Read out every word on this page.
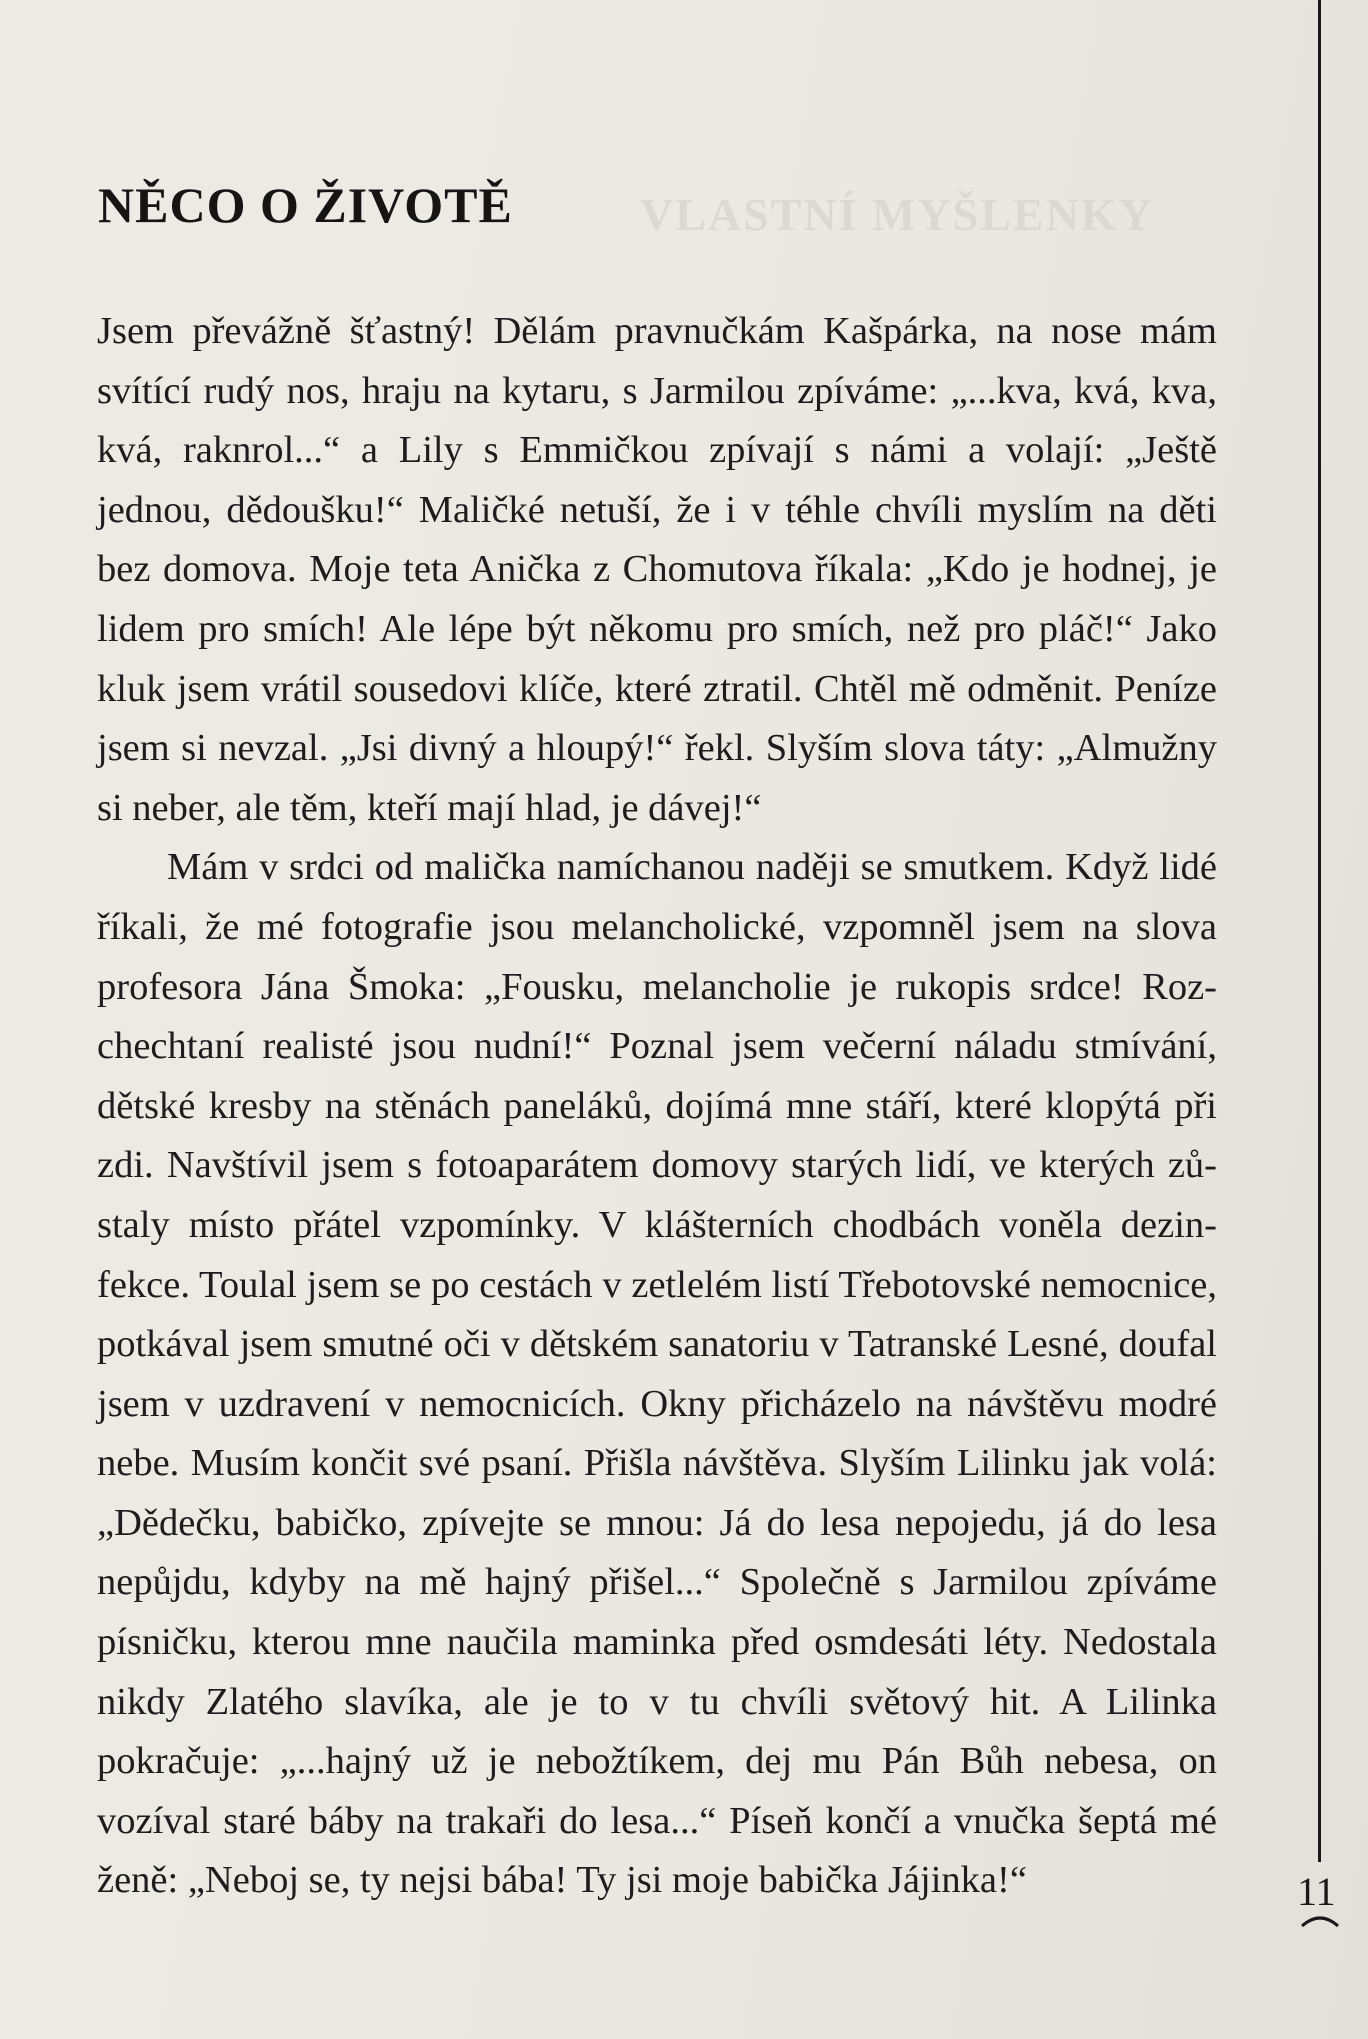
VLASTNÍ MYŠLENKY
NĚCO O ŽIVOTĚ

Jsem převážně šťastný! Dělám pravnučkám Kašpárka, na nose mám svítící rudý nos, hraju na kytaru, s Jarmilou zpíváme: „...kva, kvá, kva, kvá, raknrol...“ a Lily s Emmičkou zpívají s námi a volají: „Ještě jednou, dědoušku!“ Maličké netuší, že i v téhle chvíli myslím na děti bez domova. Moje teta Anička z Chomutova říkala: „Kdo je hodnej, je lidem pro smích! Ale lépe být někomu pro smích, než pro pláč!“ Jako kluk jsem vrátil sousedovi klíče, které ztratil. Chtěl mě odměnit. Peníze jsem si nevzal. „Jsi divný a hloupý!“ řekl. Slyším slova táty: „Almužny si neber, ale těm, kteří mají hlad, je dávej!“

Mám v srdci od malička namíchanou naději se smutkem. Když lidé říkali, že mé fotografie jsou melancholické, vzpomněl jsem na slova profesora Jána Šmoka: „Fousku, melancholie je rukopis srdce! Rozchechtaní realisté jsou nudní!“ Poznal jsem večerní náladu stmívání, dětské kresby na stěnách paneláků, dojímá mne stáří, které klopýtá při zdi. Navštívil jsem s fotoaparátem domovy starých lidí, ve kterých zůstaly místo přátel vzpomínky. V klášterních chodbách voněla dezinfekce. Toulal jsem se po cestách v zetlelém listí Třebotovské nemocnice, potkával jsem smutné oči v dětském sanatoriu v Tatranské Lesné, doufal jsem v uzdravení v nemocnicích. Okny přicházelo na návštěvu modré nebe. Musím končit své psaní. Přišla návštěva. Slyším Lilinku jak volá: „Dědečku, babičko, zpívejte se mnou: Já do lesa nepojedu, já do lesa nepůjdu, kdyby na mě hajný přišel...“ Společně s Jarmilou zpíváme písničku, kterou mne naučila maminka před osmdesáti léty. Nedostala nikdy Zlatého slavíka, ale je to v tu chvíli světový hit. A Lilinka pokračuje: „...hajný už je nebožtíkem, dej mu Pán Bůh nebesa, on vozíval staré báby na trakaři do lesa...“ Píseň končí a vnučka šeptá mé ženě: „Neboj se, ty nejsi bába! Ty jsi moje babička Jájinka!“	11
